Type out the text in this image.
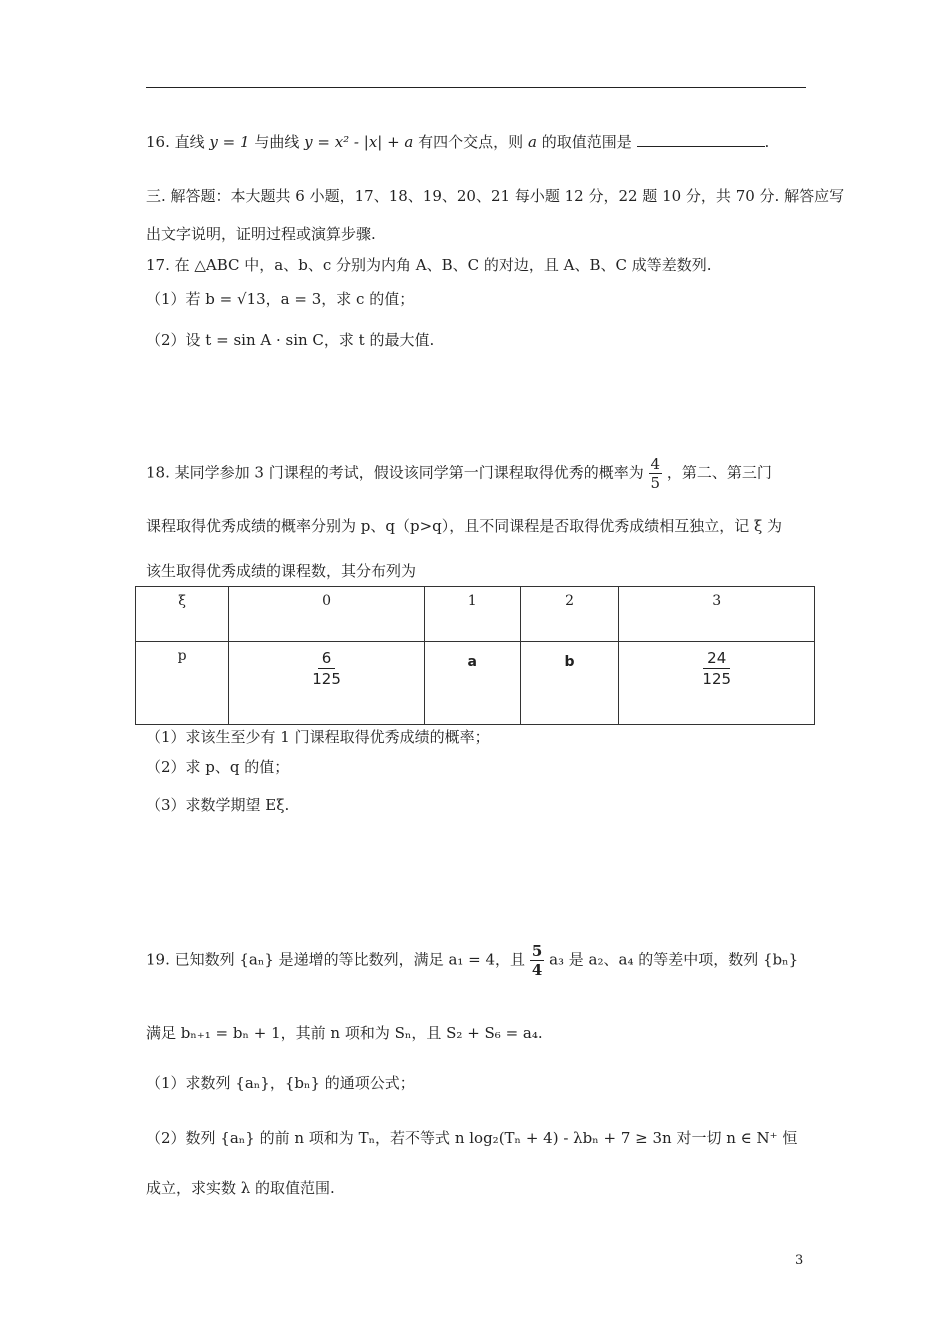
16. 直线 y = 1 与曲线 y = x² - |x| + a 有四个交点，则 a 的取值范围是	.
三. 解答题：本大题共 6 小题，17、18、19、20、21 每小题 12 分，22 题 10 分，共 70 分. 解答应写
出文字说明，证明过程或演算步骤.
17. 在 △ABC 中，a、b、c 分别为内角 A、B、C 的对边，且 A、B、C 成等差数列.
（1）若 b = √13，a = 3，求 c 的值；
（2）设 t = sin A · sin C，求 t 的最大值.
18. 某同学参加 3 门课程的考试，假设该同学第一门课程取得优秀的概率为 $\frac{4}{5}$ ，第二、第三门
课程取得优秀成绩的概率分别为 p、q（p>q），且不同课程是否取得优秀成绩相互独立，记 ξ 为
该生取得优秀成绩的课程数，其分布列为
ξ	0	1	2	3
p	$\frac{6}{125}$	a	b	$\frac{24}{125}$
（1）求该生至少有 1 门课程取得优秀成绩的概率；
（2）求 p、q 的值；
（3）求数学期望 Eξ.
19. 已知数列 {aₙ} 是递增的等比数列，满足 a₁ = 4，且 $\frac{5}{4} a_3$ 是 a₂、a₄ 的等差中项，数列 {bₙ}
满足 bₙ₊₁ = bₙ + 1，其前 n 项和为 Sₙ，且 S₂ + S₆ = a₄.
（1）求数列 {aₙ}，{bₙ} 的通项公式；
（2）数列 {aₙ} 的前 n 项和为 Tₙ，若不等式 n log₂(Tₙ + 4) - λbₙ + 7 ≥ 3n 对一切 n ∈ N⁺ 恒
成立，求实数 λ 的取值范围.
3
